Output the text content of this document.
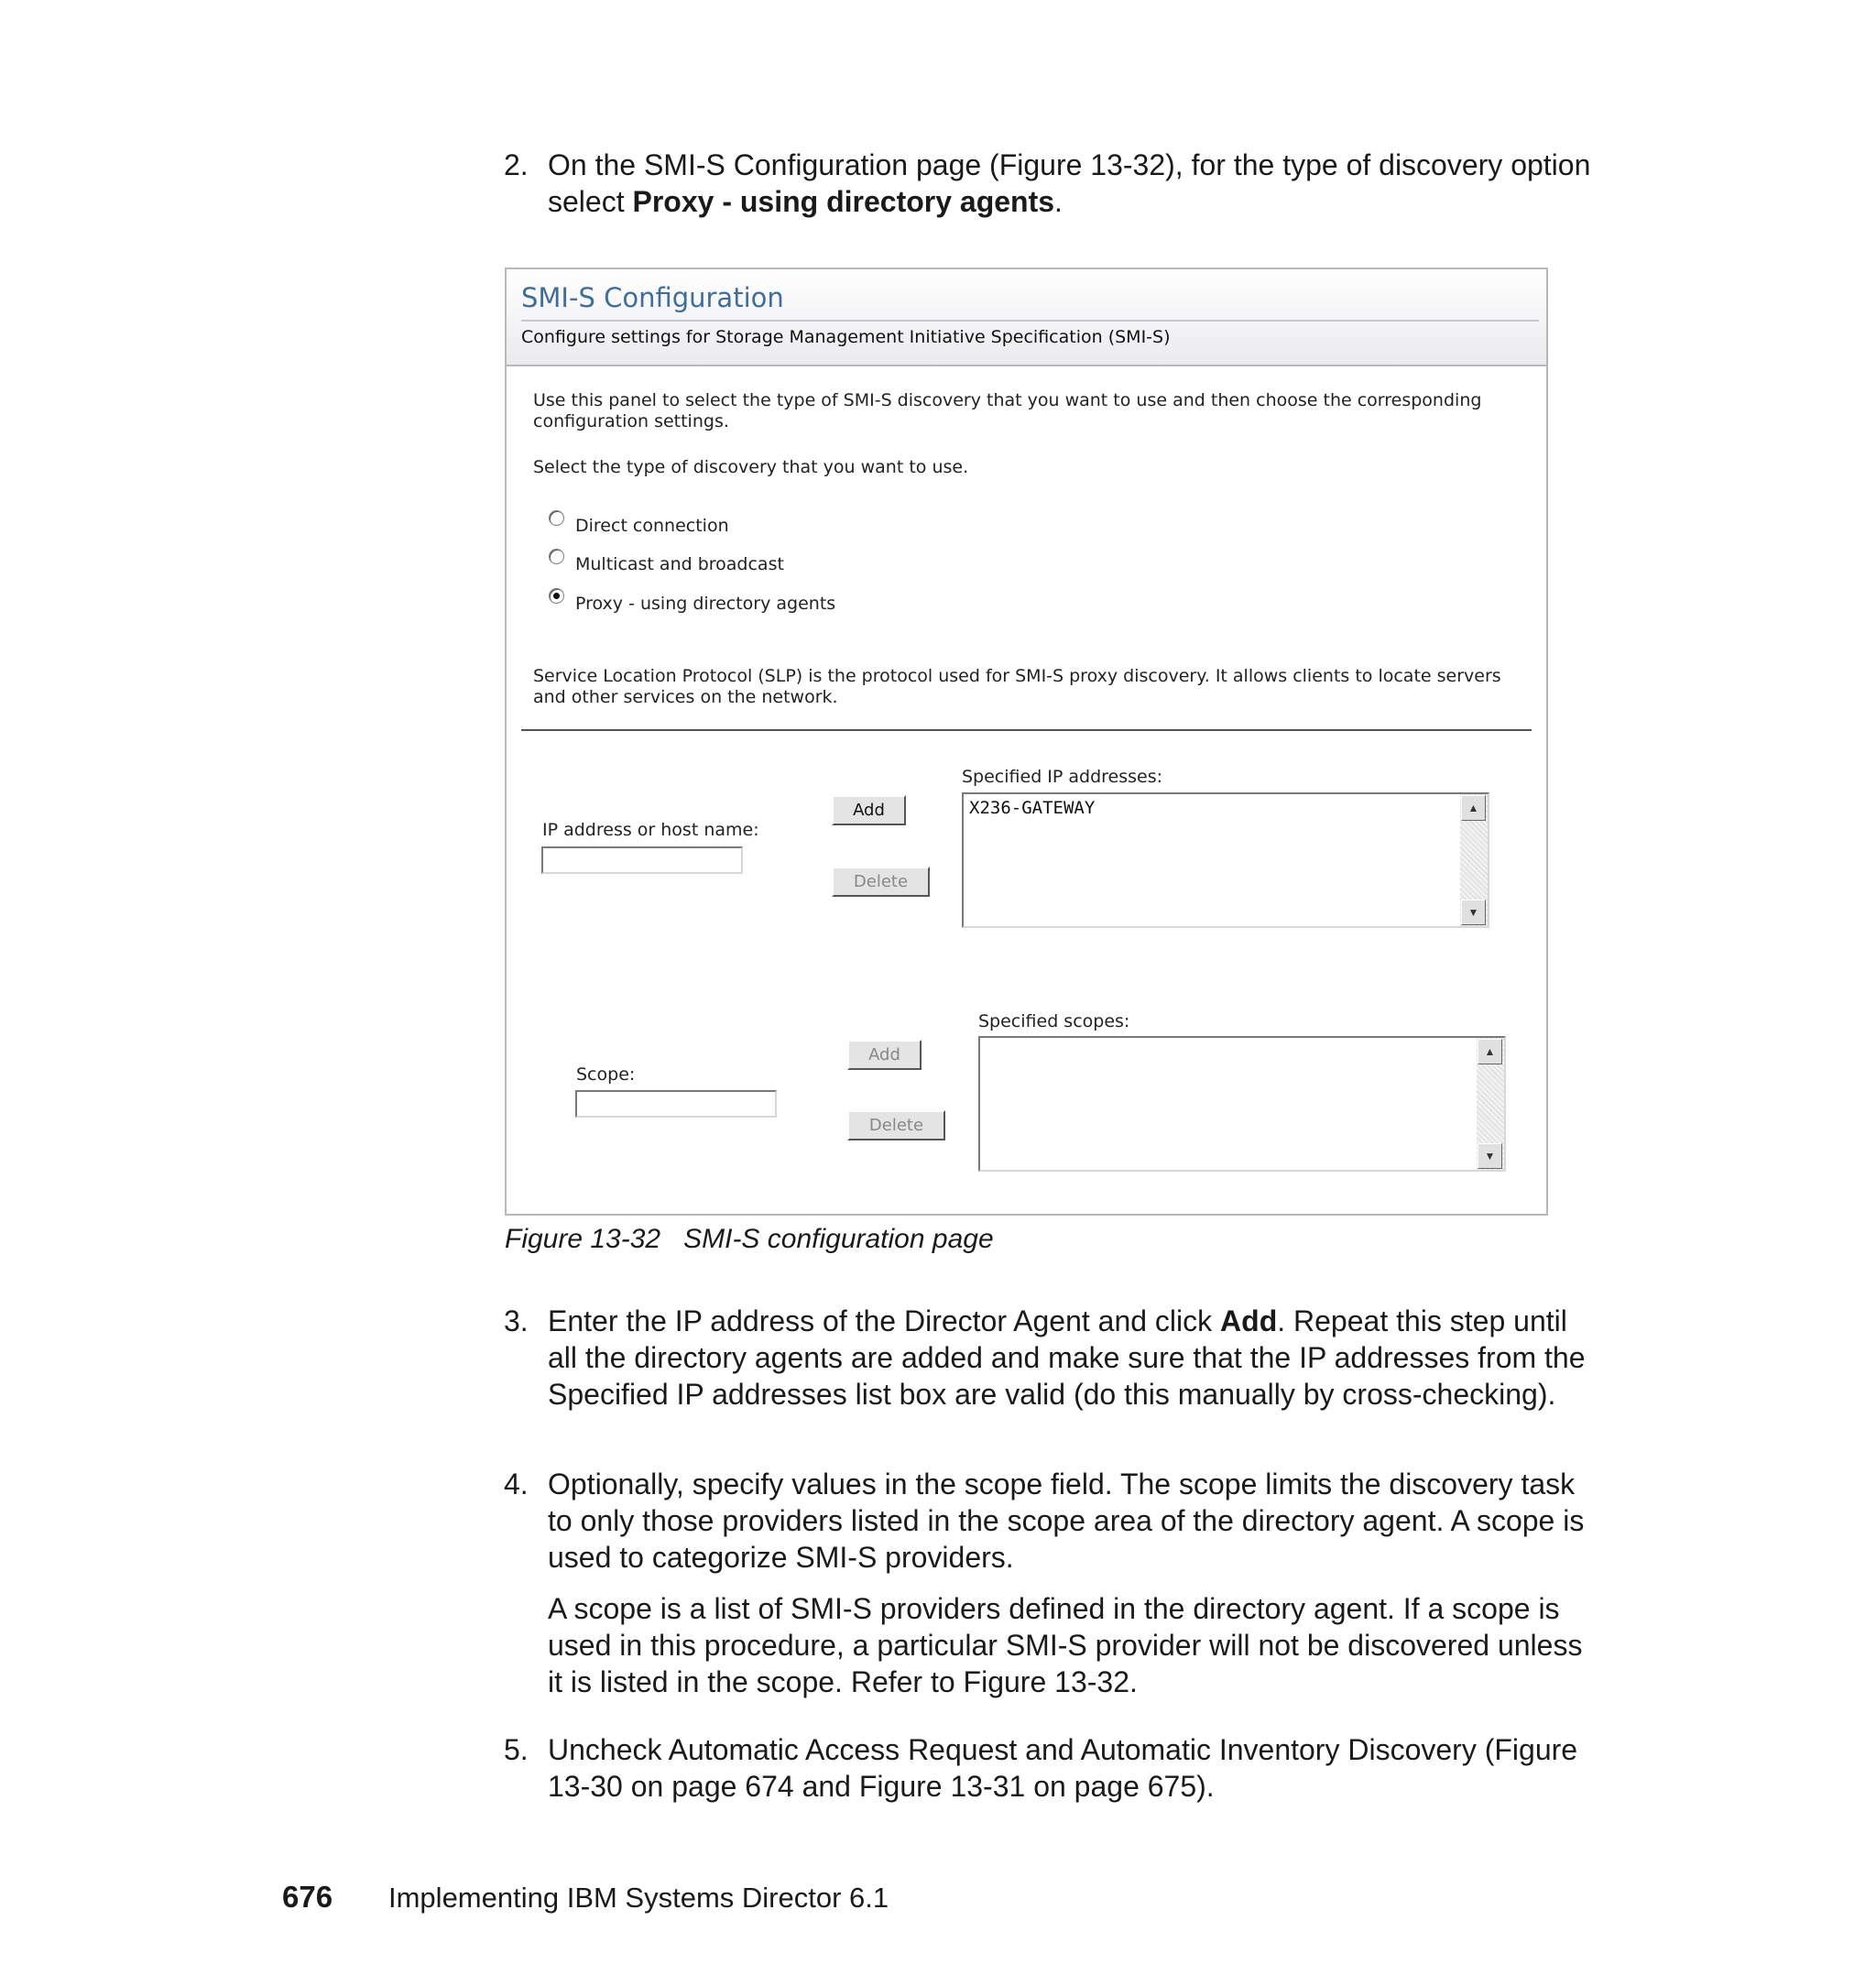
2. On the SMI-S Configuration page (Figure 13-32), for the type of discovery option select Proxy - using directory agents.
SMI-S Configuration
Configure settings for Storage Management Initiative Specification (SMI-S)
Use this panel to select the type of SMI-S discovery that you want to use and then choose the corresponding configuration settings.
Select the type of discovery that you want to use.
Direct connection
Multicast and broadcast
Proxy - using directory agents
Service Location Protocol (SLP) is the protocol used for SMI-S proxy discovery. It allows clients to locate servers and other services on the network.
Specified IP addresses:
IP address or host name:
Add
Delete
X236-GATEWAY	▲
▼
Specified scopes:
Scope:
Add
Delete
▲
▼
Figure 13-32   SMI-S configuration page
3. Enter the IP address of the Director Agent and click Add. Repeat this step until all the directory agents are added and make sure that the IP addresses from the Specified IP addresses list box are valid (do this manually by cross-checking).
4. Optionally, specify values in the scope field. The scope limits the discovery task to only those providers listed in the scope area of the directory agent. A scope is used to categorize SMI-S providers.

A scope is a list of SMI-S providers defined in the directory agent. If a scope is used in this procedure, a particular SMI-S provider will not be discovered unless it is listed in the scope. Refer to Figure 13-32.

5. Uncheck Automatic Access Request and Automatic Inventory Discovery (Figure 13-30 on page 674 and Figure 13-31 on page 675).
676 Implementing IBM Systems Director 6.1
